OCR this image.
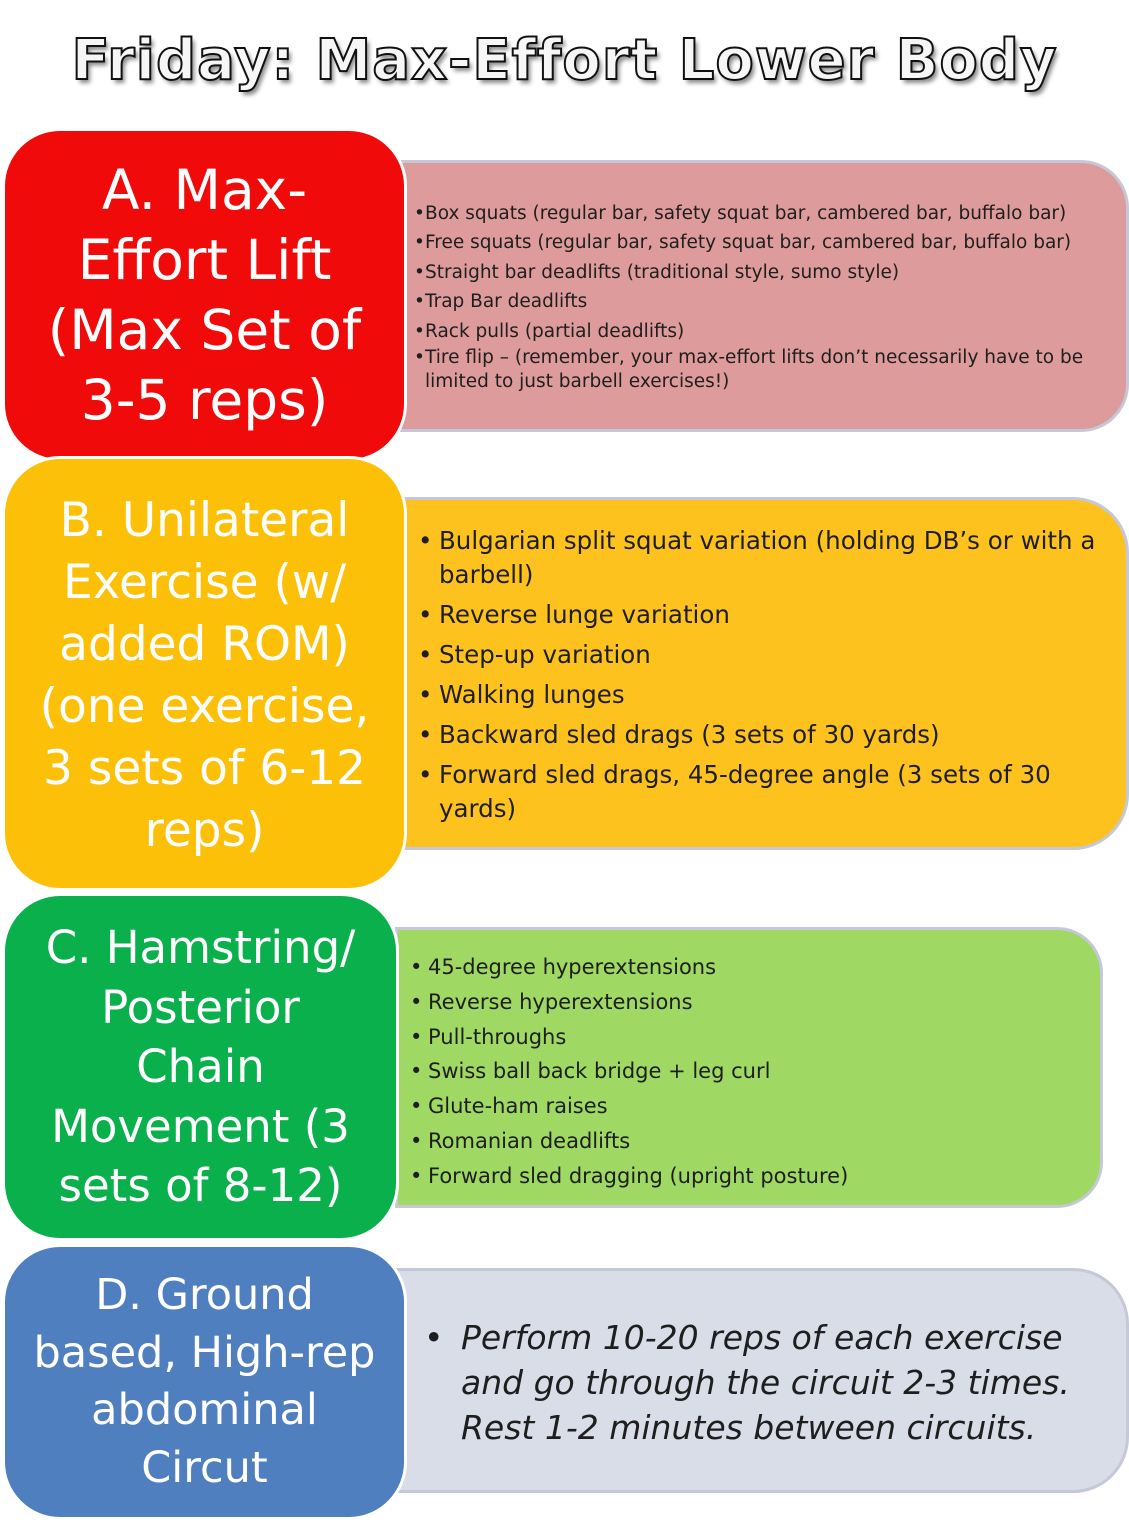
Friday: Max-Effort Lower Body
• Box squats (regular bar, safety squat bar, cambered bar, buffalo bar)
• Free squats (regular bar, safety squat bar, cambered bar, buffalo bar)
• Straight bar deadlifts (traditional style, sumo style)
• Trap Bar deadlifts
• Rack pulls (partial deadlifts)
• Tire flip – (remember, your max-effort lifts don’t necessarily have to be limited to just barbell exercises!)
A. Max-
Effort Lift
(Max Set of
3-5 reps)
• Bulgarian split squat variation (holding DB’s or with a barbell)
• Reverse lunge variation
• Step-up variation
• Walking lunges
• Backward sled drags (3 sets of 30 yards)
• Forward sled drags, 45-degree angle (3 sets of 30 yards)
B. Unilateral
Exercise (w/
added ROM)
(one exercise,
3 sets of 6-12
reps)
• 45-degree hyperextensions
• Reverse hyperextensions
• Pull-throughs
• Swiss ball back bridge + leg curl
• Glute-ham raises
• Romanian deadlifts
• Forward sled dragging (upright posture)
C. Hamstring/
Posterior
Chain
Movement (3
sets of 8-12)
• Perform 10-20 reps of each exercise and go through the circuit 2-3 times. Rest 1-2 minutes between circuits.
D. Ground
based, High-rep
abdominal
Circut
